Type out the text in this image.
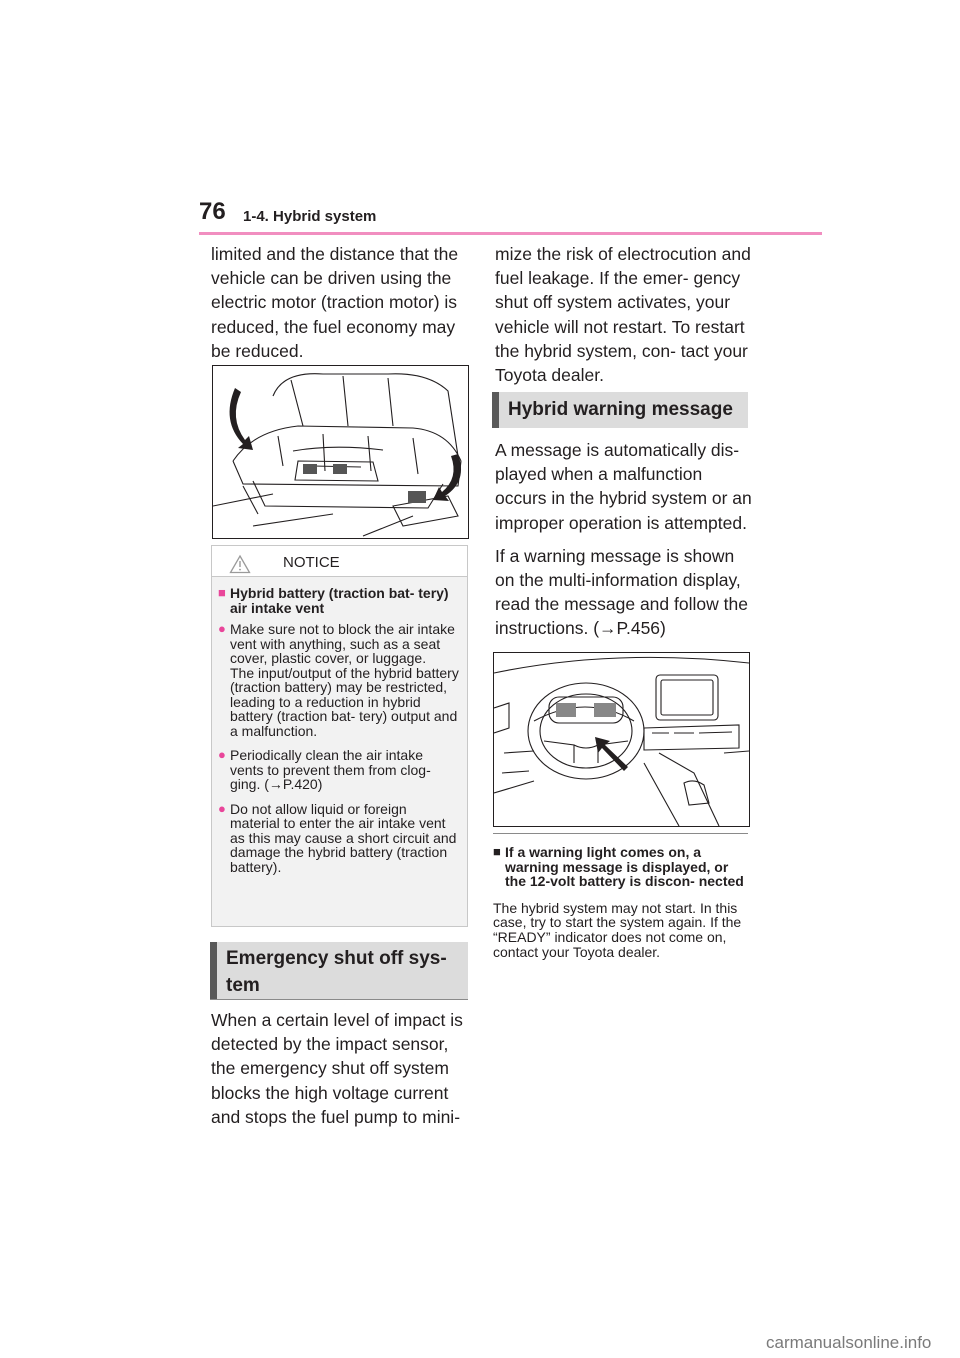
76 1-4. Hybrid system
limited and the distance that the vehicle can be driven using the electric motor (traction motor) is reduced, the fuel economy may be reduced.
NOTICE
■ Hybrid battery (traction bat- tery) air intake vent
● Make sure not to block the air intake vent with anything, such as a seat cover, plastic cover, or luggage.
The input/output of the hybrid battery (traction battery) may be restricted, leading to a reduction in hybrid battery (traction bat- tery) output and a malfunction.
● Periodically clean the air intake vents to prevent them from clog- ging. (→P.420)
● Do not allow liquid or foreign material to enter the air intake vent as this may cause a short circuit and damage the hybrid battery (traction battery).
Emergency shut off sys- tem
When a certain level of impact is detected by the impact sensor, the emergency shut off system blocks the high voltage current and stops the fuel pump to mini-
mize the risk of electrocution and fuel leakage. If the emer- gency shut off system activates, your vehicle will not restart. To restart the hybrid system, con- tact your Toyota dealer.
Hybrid warning message

A message is automatically dis- played when a malfunction occurs in the hybrid system or an improper operation is attempted.

If a warning message is shown on the multi-information display, read the message and follow the instructions. (→P.456)

■ If a warning light comes on, a warning message is displayed, or the 12-volt battery is discon- nected
The hybrid system may not start. In this case, try to start the system again. If the “READY” indicator does not come on, contact your Toyota dealer.
carmanualsonline.info
